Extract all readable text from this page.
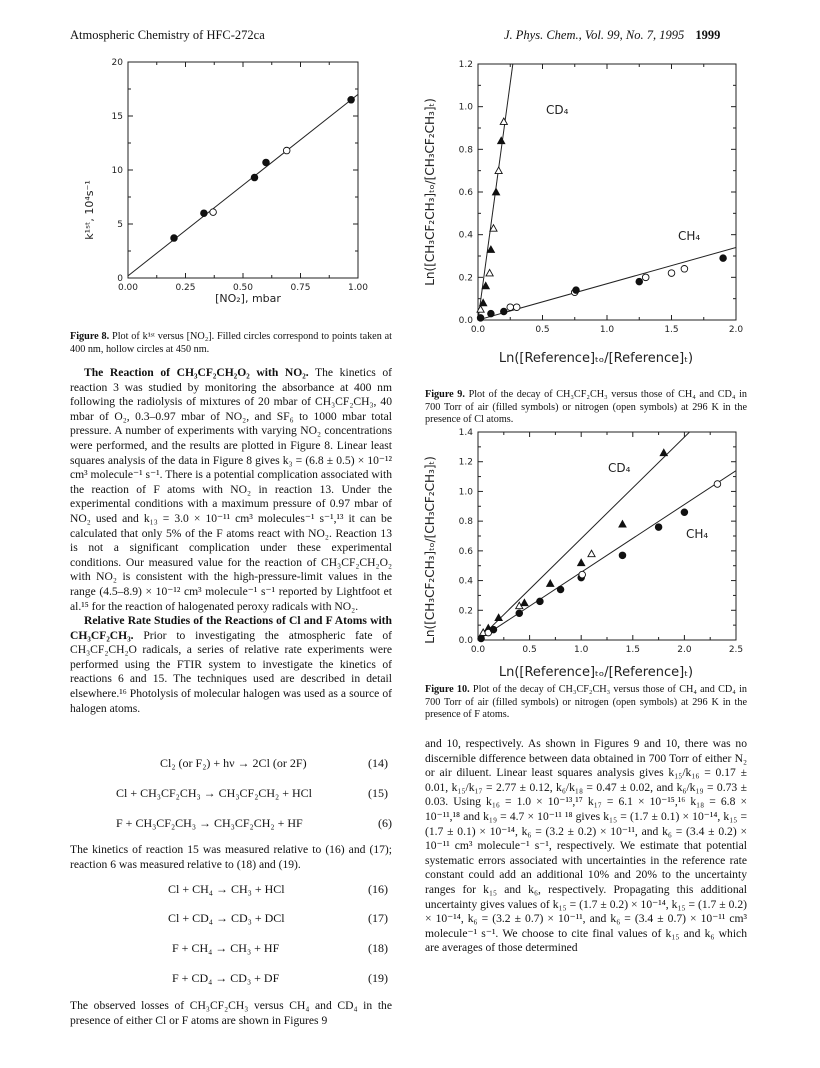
Atmospheric Chemistry of HFC-272ca	J. Phys. Chem., Vol. 99, No. 7, 1995 1999
0.00	0.25	0.50	0.75	1.00
0
5
10
15
20
k¹ˢᵗ, 10⁴s⁻¹
[NO₂], mbar
Figure 8. Plot of k¹ˢᵗ versus [NO₂]. Filled circles correspond to points taken at 400 nm, hollow circles at 450 nm.

The Reaction of CH₃CF₂CH₂O₂ with NO₂. The kinetics of reaction 3 was studied by monitoring the absorbance at 400 nm following the radiolysis of mixtures of 20 mbar of CH₃CF₂CH₃, 40 mbar of O₂, 0.3–0.97 mbar of NO₂, and SF₆ to 1000 mbar total pressure. A number of experiments with varying NO₂ concentrations were performed, and the results are plotted in Figure 8. Linear least squares analysis of the data in Figure 8 gives k₃ = (6.8 ± 0.5) × 10⁻¹² cm³ molecule⁻¹ s⁻¹. There is a potential complication associated with the reaction of F atoms with NO₂ in reaction 13. Under the experimental conditions with a maximum pressure of 0.97 mbar of NO₂ used and k₁₃ = 3.0 × 10⁻¹¹ cm³ molecules⁻¹ s⁻¹,¹³ it can be calculated that only 5% of the F atoms react with NO₂. Reaction 13 is not a significant complication under these experimental conditions. Our measured value for the reaction of CH₃CF₂CH₂O₂ with NO₂ is consistent with the high-pressure-limit values in the range (4.5–8.9) × 10⁻¹² cm³ molecule⁻¹ s⁻¹ reported by Lightfoot et al.¹⁵ for the reaction of halogenated peroxy radicals with NO₂.

Relative Rate Studies of the Reactions of Cl and F Atoms with CH₃CF₂CH₃. Prior to investigating the atmospheric fate of CH₃CF₂CH₂O radicals, a series of relative rate experiments were performed using the FTIR system to investigate the kinetics of reactions 6 and 15. The techniques used are described in detail elsewhere.¹⁶ Photolysis of molecular halogen was used as a source of halogen atoms.

Cl₂ (or F₂) + hν → 2Cl (or 2F)	(14)
Cl + CH₃CF₂CH₃ → CH₃CF₂CH₂ + HCl	(15)
F + CH₃CF₂CH₃ → CH₃CF₂CH₂ + HF	(6)
The kinetics of reaction 15 was measured relative to (16) and (17); reaction 6 was measured relative to (18) and (19).
Cl + CH₄ → CH₃ + HCl	(16)
Cl + CD₄ → CD₃ + DCl	(17)
F + CH₄ → CH₃ + HF	(18)
F + CD₄ → CD₃ + DF	(19)
The observed losses of CH₃CF₂CH₃ versus CH₄ and CD₄ in the presence of either Cl or F atoms are shown in Figures 9
0.0	0.5	1.0	1.5	2.0
0.0
0.2
0.4
0.6
0.8
1.0
1.2
CD₄
CH₄
Ln([CH₃CF₂CH₃]ₜₒ/[CH₃CF₂CH₃]ₜ)
Ln([Reference]ₜₒ/[Reference]ₜ)
Figure 9. Plot of the decay of CH₃CF₂CH₃ versus those of CH₄ and CD₄ in 700 Torr of air (filled symbols) or nitrogen (open symbols) at 296 K in the presence of Cl atoms.
0.0	0.5	1.0	1.5	2.0	2.5
0.0
0.2
0.4
0.6
0.8
1.0
1.2
1.4
CD₄
CH₄
Ln([CH₃CF₂CH₃]ₜₒ/[CH₃CF₂CH₃]ₜ)
Ln([Reference]ₜₒ/[Reference]ₜ)
Figure 10. Plot of the decay of CH₃CF₂CH₃ versus those of CH₄ and CD₄ in 700 Torr of air (filled symbols) or nitrogen (open symbols) at 296 K in the presence of F atoms.
and 10, respectively. As shown in Figures 9 and 10, there was no discernible difference between data obtained in 700 Torr of either N₂ or air diluent. Linear least squares analysis gives k₁₅/k₁₆ = 0.17 ± 0.01, k₁₅/k₁₇ = 2.77 ± 0.12, k₆/k₁₈ = 0.47 ± 0.02, and k₆/k₁₉ = 0.73 ± 0.03. Using k₁₆ = 1.0 × 10⁻¹³,¹⁷ k₁₇ = 6.1 × 10⁻¹⁵,¹⁶ k₁₈ = 6.8 × 10⁻¹¹,¹⁸ and k₁₉ = 4.7 × 10⁻¹¹ ¹⁸ gives k₁₅ = (1.7 ± 0.1) × 10⁻¹⁴, k₁₅ = (1.7 ± 0.1) × 10⁻¹⁴, k₆ = (3.2 ± 0.2) × 10⁻¹¹, and k₆ = (3.4 ± 0.2) × 10⁻¹¹ cm³ molecule⁻¹ s⁻¹, respectively. We estimate that potential systematic errors associated with uncertainties in the reference rate constant could add an additional 10% and 20% to the uncertainty ranges for k₁₅ and k₆, respectively. Propagating this additional uncertainty gives values of k₁₅ = (1.7 ± 0.2) × 10⁻¹⁴, k₁₅ = (1.7 ± 0.2) × 10⁻¹⁴, k₆ = (3.2 ± 0.7) × 10⁻¹¹, and k₆ = (3.4 ± 0.7) × 10⁻¹¹ cm³ molecule⁻¹ s⁻¹. We choose to cite final values of k₁₅ and k₆ which are averages of those determined
